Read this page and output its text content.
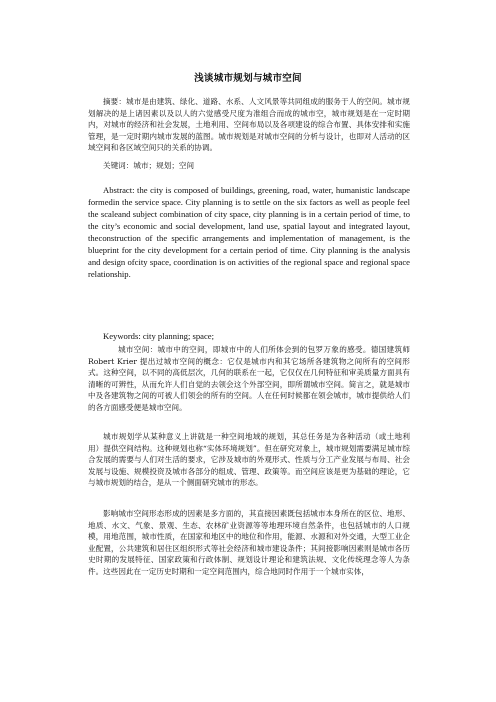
浅谈城市规划与城市空间

摘要：城市是由建筑、绿化、道路、水系、人文风景等共同组成的服务于人的空间。城市规划解决的是上诸因素以及以人的六觉感受尺度为准组合而成的城市空，城市规划是在一定时期内，对城市的经济和社会发展，土地利用、空间布局以及各项建设的综合布置、具体安排和实施管理，是一定时期内城市发展的蓝图。城市规划是对城市空间的分析与设计，也即对人活动的区域空间和各区域空间只的关系的协调。

关键词：城市；规划；空间

Abstract: the city is composed of buildings, greening, road, water, humanistic landscape formedin the service space. City planning is to settle on the six factors as well as people feel the scaleand subject combination of city space, city planning is in a certain period of time, to the city’s economic and social development, land use, spatial layout and integrated layout, theconstruction of the specific arrangements and implementation of management, is the blueprint for the city development for a certain period of time. City planning is the analysis and design ofcity space, coordination is on activities of the regional space and regional space relationship.

Keywords: city planning; space;

城市空间：城市中的空间，即城市中的人们所体会到的包罗万象的感受。德国建筑师 Robert Krier 提出过城市空间的概念：它仅是城市内和其它场所各建筑物之间所有的空间形式。这种空间，以不同的高低层次，几何的联系在一起，它仅仅在几何特征和审美质量方面具有清晰的可辨性，从而允许人们自觉的去领会这个外部空间，即所谓城市空间。简言之，就是城市中及各建筑物之间的可被人们领会的所有的空间。人在任何时候都在领会城市，城市提供给人们的各方面感受便是城市空间。

城市规划学从某种意义上讲就是一种空间地域的规划，其总任务是为各种活动（或土地利用）提供空间结构。这种规划也称“实体环境规划”。但在研究对象上，城市规划需要满足城市综合发展的需要与人们对生活的要求，它涉及城市的外观形式、性质与分工产业发展与布局、社会发展与设施、规模投资及城市各部分的组成、管理、政策等。而空间应该是更为基础的理论，它与城市规划的结合，是从一个侧面研究城市的形态。

影响城市空间形态形成的因素是多方面的，其直接因素既包括城市本身所在的区位、地形、地质、水文、气象、景观、生态、农林矿业资源等等地理环境自然条件，也包括城市的人口规模，用地范围，城市性质，在国家和地区中的地位和作用，能源、水源和对外交通，大型工业企业配置，公共建筑和居住区组织形式等社会经济和城市建设条件；其间接影响因素则是城市各历史时期的发展特征、国家政策和行政体制、规划设计理论和建筑法规、文化传统理念等人为条件。这些因此在一定历史时期和一定空间范围内，综合地同时作用于一个城市实体，
